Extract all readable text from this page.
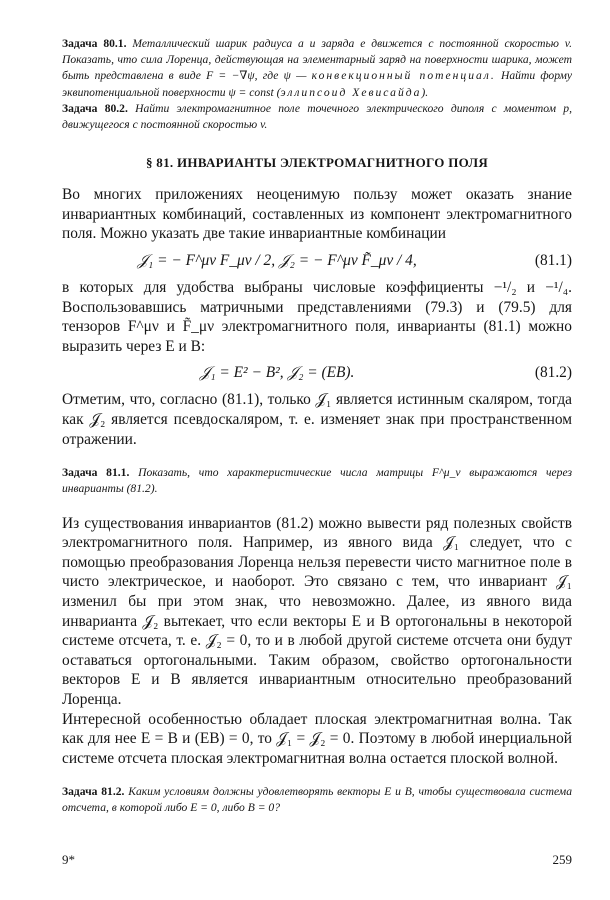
Задача 80.1. Металлический шарик радиуса a и заряда e движется с постоянной скоростью v. Показать, что сила Лоренца, действующая на элементарный заряд на поверхности шарика, может быть представлена в виде F = −∇ψ, где ψ — конвекционный потенциал. Найти форму эквипотенциальной поверхности ψ = const (эллипсоид Хевисайда).

Задача 80.2. Найти электромагнитное поле точечного электрического диполя с моментом p, движущегося с постоянной скоростью v.

§ 81. ИНВАРИАНТЫ ЭЛЕКТРОМАГНИТНОГО ПОЛЯ

Во многих приложениях неоценимую пользу может оказать знание инвариантных комбинаций, составленных из компонент электромагнитного поля. Можно указать две такие инвариантные комбинации

𝒥₁ = − F^μν F_μν / 2, 𝒥₂ = − F^μν F̃_μν / 4,	(81.1)

в которых для удобства выбраны числовые коэффициенты −¹/₂ и −¹/₄. Воспользовавшись матричными представлениями (79.3) и (79.5) для тензоров F^μν и F̃_μν электромагнитного поля, инварианты (81.1) можно выразить через E и B:

𝒥₁ = E² − B², 𝒥₂ = (EB).	(81.2)

Отметим, что, согласно (81.1), только 𝒥₁ является истинным скаляром, тогда как 𝒥₂ является псевдоскаляром, т. е. изменяет знак при пространственном отражении.

Задача 81.1. Показать, что характеристические числа матрицы F^μ_ν выражаются через инварианты (81.2).

Из существования инвариантов (81.2) можно вывести ряд полезных свойств электромагнитного поля. Например, из явного вида 𝒥₁ следует, что с помощью преобразования Лоренца нельзя перевести чисто магнитное поле в чисто электрическое, и наоборот. Это связано с тем, что инвариант 𝒥₁ изменил бы при этом знак, что невозможно. Далее, из явного вида инварианта 𝒥₂ вытекает, что если векторы E и B ортогональны в некоторой системе отсчета, т. е. 𝒥₂ = 0, то и в любой другой системе отсчета они будут оставаться ортогональными. Таким образом, свойство ортогональности векторов E и B является инвариантным относительно преобразований Лоренца.

Интересной особенностью обладает плоская электромагнитная волна. Так как для нее E = B и (EB) = 0, то 𝒥₁ = 𝒥₂ = 0. Поэтому в любой инерциальной системе отсчета плоская электромагнитная волна остается плоской волной.

Задача 81.2. Каким условиям должны удовлетворять векторы E и B, чтобы существовала система отсчета, в которой либо E = 0, либо B = 0?

9*	259
